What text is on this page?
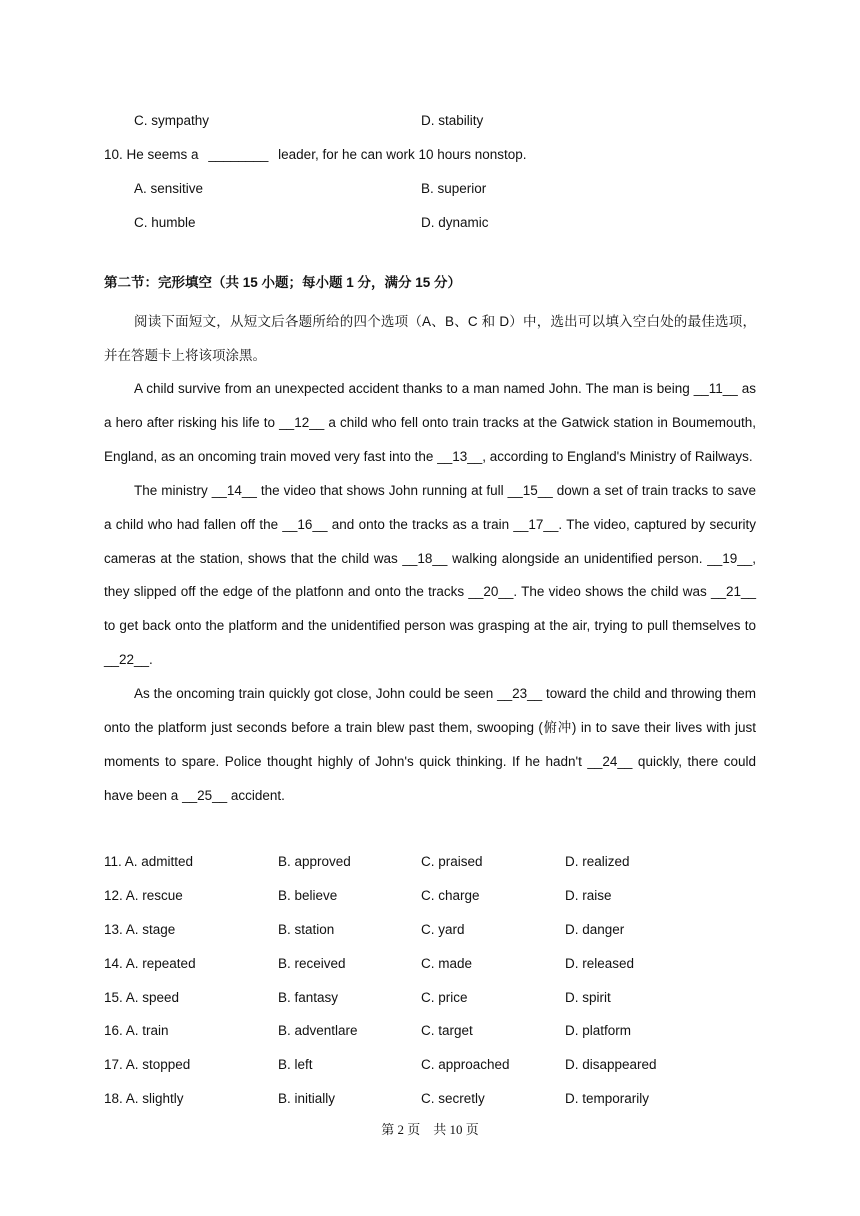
C. sympathy	D. stability
10. He seems a ________ leader, for he can work 10 hours nonstop.
A. sensitive	B. superior
C. humble	D. dynamic
第二节：完形填空（共 15 小题；每小题 1 分，满分 15 分）
阅读下面短文，从短文后各题所给的四个选项（A、B、C 和 D）中，选出可以填入空白处的最佳选项，并在答题卡上将该项涂黑。

A child survive from an unexpected accident thanks to a man named John. The man is being __11__ as a hero after risking his life to __12__ a child who fell onto train tracks at the Gatwick station in Boumemouth, England, as an oncoming train moved very fast into the __13__, according to England's Ministry of Railways.

The ministry __14__ the video that shows John running at full __15__ down a set of train tracks to save a child who had fallen off the __16__ and onto the tracks as a train __17__. The video, captured by security cameras at the station, shows that the child was __18__ walking alongside an unidentified person. __19__, they slipped off the edge of the platfonn and onto the tracks __20__. The video shows the child was __21__ to get back onto the platform and the unidentified person was grasping at the air, trying to pull themselves to __22__.

As the oncoming train quickly got close, John could be seen __23__ toward the child and throwing them onto the platform just seconds before a train blew past them, swooping (俯冲) in to save their lives with just moments to spare. Police thought highly of John's quick thinking. If he hadn't __24__ quickly, there could have been a __25__ accident.

11. A. admitted	B. approved	C. praised	D. realized
12. A. rescue	B. believe	C. charge	D. raise
13. A. stage	B. station	C. yard	D. danger
14. A. repeated	B. received	C. made	D. released
15. A. speed	B. fantasy	C. price	D. spirit
16. A. train	B. adventlare	C. target	D. platform
17. A. stopped	B. left	C. approached	D. disappeared
18. A. slightly	B. initially	C. secretly	D. temporarily
第 2 页　共 10 页
